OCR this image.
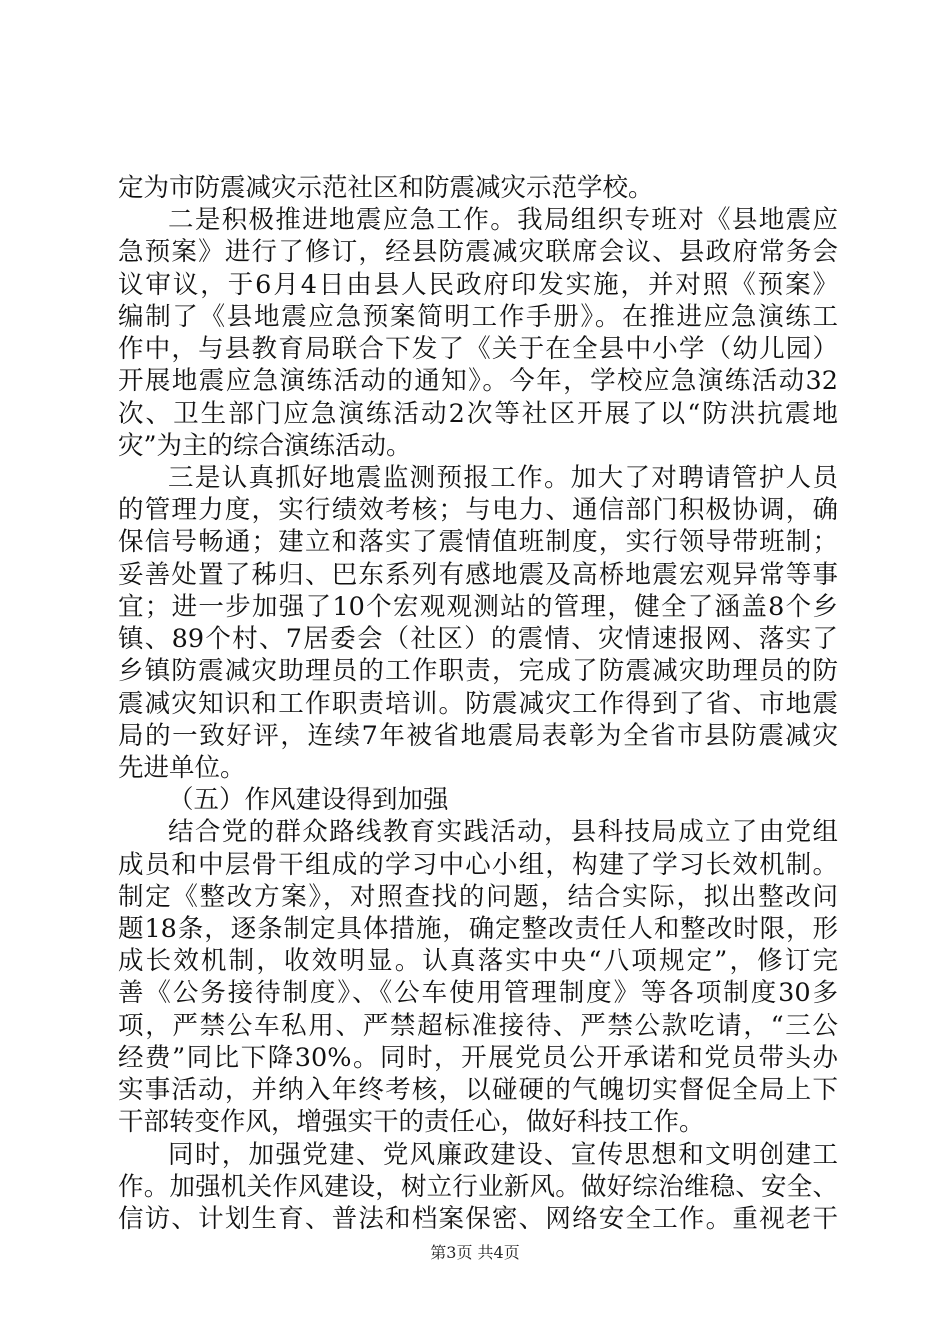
定为市防震减灾示范社区和防震减灾示范学校。
二是积极推进地震应急工作。我局组织专班对《县地震应
急预案》进行了修订，经县防震减灾联席会议、县政府常务会
议审议，于6月4日由县人民政府印发实施，并对照《预案》
编制了《县地震应急预案简明工作手册》。在推进应急演练工
作中，与县教育局联合下发了《关于在全县中小学（幼儿园）
开展地震应急演练活动的通知》。今年，学校应急演练活动32
次、卫生部门应急演练活动2次等社区开展了以“防洪抗震地
灾”为主的综合演练活动。
三是认真抓好地震监测预报工作。加大了对聘请管护人员
的管理力度，实行绩效考核；与电力、通信部门积极协调，确
保信号畅通；建立和落实了震情值班制度，实行领导带班制；
妥善处置了秭归、巴东系列有感地震及高桥地震宏观异常等事
宜；进一步加强了10个宏观观测站的管理，健全了涵盖8个乡
镇、89个村、7居委会（社区）的震情、灾情速报网、落实了
乡镇防震减灾助理员的工作职责，完成了防震减灾助理员的防
震减灾知识和工作职责培训。防震减灾工作得到了省、市地震
局的一致好评，连续7年被省地震局表彰为全省市县防震减灾
先进单位。
（五）作风建设得到加强
结合党的群众路线教育实践活动，县科技局成立了由党组
成员和中层骨干组成的学习中心小组，构建了学习长效机制。
制定《整改方案》，对照查找的问题，结合实际，拟出整改问
题18条，逐条制定具体措施，确定整改责任人和整改时限，形
成长效机制，收效明显。认真落实中央“八项规定”，修订完
善《公务接待制度》、《公车使用管理制度》等各项制度30多
项，严禁公车私用、严禁超标准接待、严禁公款吃请，“三公
经费”同比下降30%。同时，开展党员公开承诺和党员带头办
实事活动，并纳入年终考核，以碰硬的气魄切实督促全局上下
干部转变作风，增强实干的责任心，做好科技工作。
同时，加强党建、党风廉政建设、宣传思想和文明创建工
作。加强机关作风建设，树立行业新风。做好综治维稳、安全、
信访、计划生育、普法和档案保密、网络安全工作。重视老干
第3页 共4页
